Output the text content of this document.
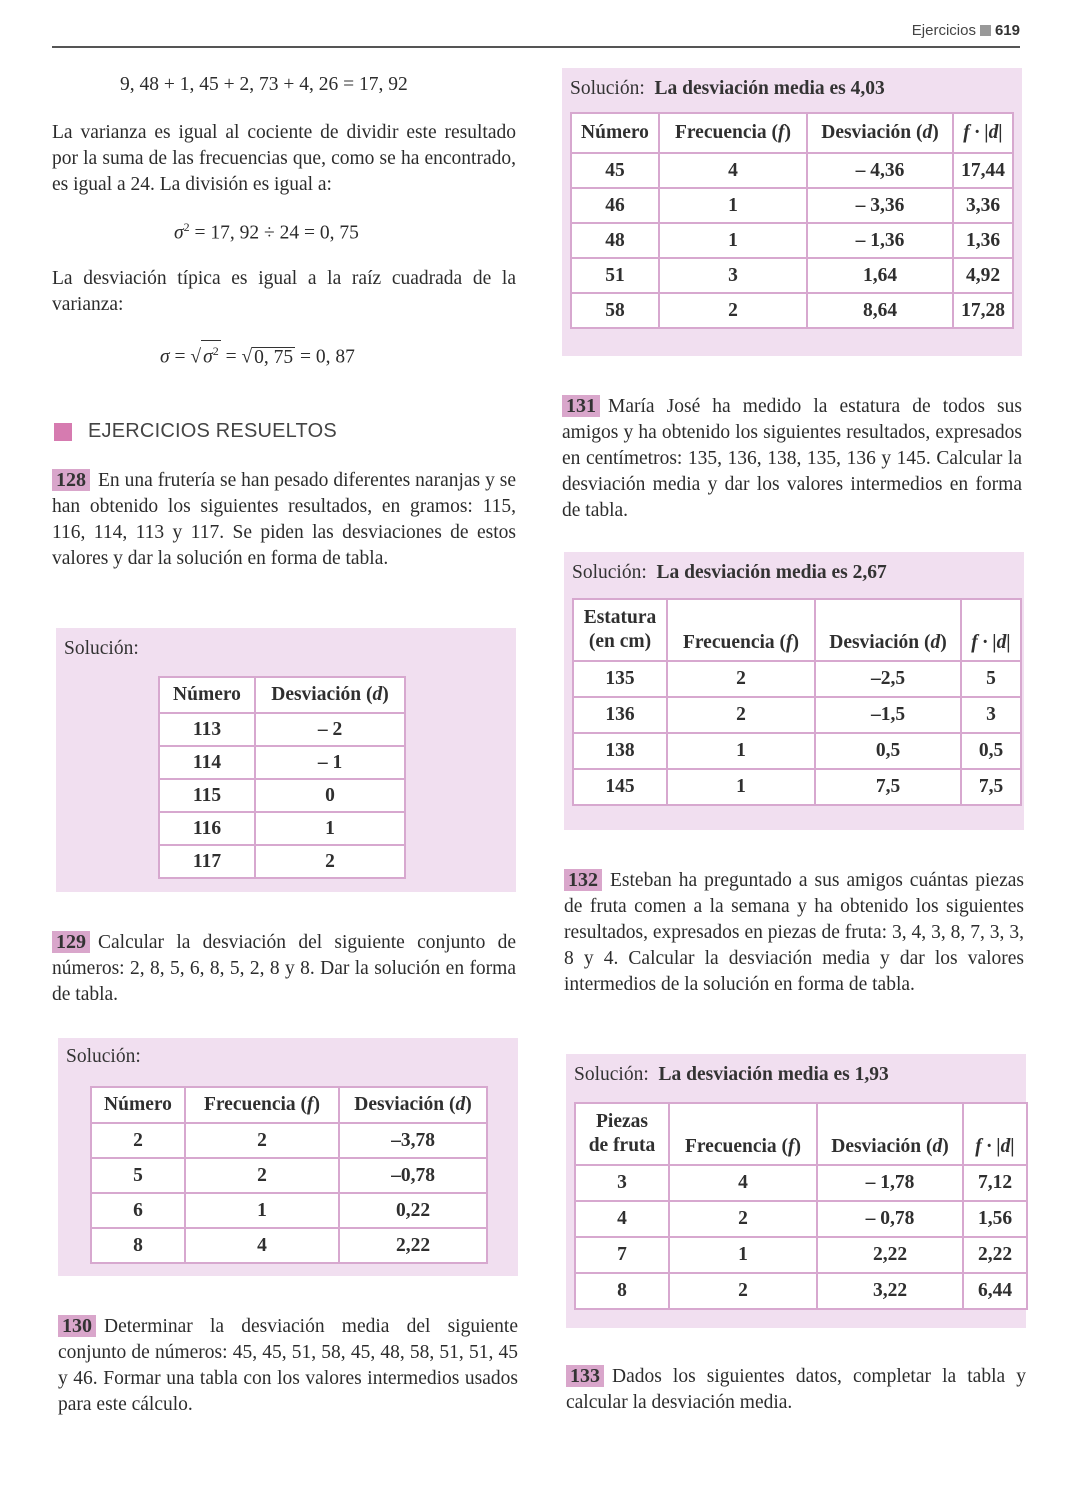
Ejercicios 619
9, 48 + 1, 45 + 2, 73 + 4, 26 = 17, 92
La varianza es igual al cociente de dividir este resultado por la suma de las frecuencias que, como se ha encontrado, es igual a 24. La división es igual a:
$\sigma^2 = 17$, 92 ÷ 24 = 0, 75
La desviación típica es igual a la raíz cuadrada de la varianza:
σ = √ $\sigma^2$ = √ 0, 75 = 0, 87
EJERCICIOS RESUELTOS
128 En una frutería se han pesado diferentes naranjas y se han obtenido los siguientes resultados, en gramos: 115, 116, 114, 113 y 117. Se piden las desviaciones de estos valores y dar la solución en forma de tabla.
Solución:
Número	Desviación (d)
113	– 2
114	– 1
115	0
116	1
117	2
129 Calcular la desviación del siguiente conjunto de números: 2, 8, 5, 6, 8, 5, 2, 8 y 8. Dar la solución en forma de tabla.
Solución:
Número	Frecuencia (f)	Desviación (d)
2	2	–3,78
5	2	–0,78
6	1	0,22
8	4	2,22
130 Determinar la desviación media del siguiente conjunto de números: 45, 45, 51, 58, 45, 48, 58, 51, 51, 45 y 46. Formar una tabla con los valores intermedios usados para este cálculo.
Solución: La desviación media es 4,03
Número	Frecuencia (f)	Desviación (d)	f · |d|
45	4	– 4,36	17,44
46	1	– 3,36	3,36
48	1	– 1,36	1,36
51	3	1,64	4,92
58	2	8,64	17,28
131 María José ha medido la estatura de todos sus amigos y ha obtenido los siguientes resultados, expresados en centímetros: 135, 136, 138, 135, 136 y 145. Calcular la desviación media y dar los valores intermedios en forma de tabla.
Solución: La desviación media es 2,67
Estatura
(en cm)	Frecuencia (f)	Desviación (d)	f · |d|
135	2	–2,5	5
136	2	–1,5	3
138	1	0,5	0,5
145	1	7,5	7,5
132 Esteban ha preguntado a sus amigos cuántas piezas de fruta comen a la semana y ha obtenido los siguientes resultados, expresados en piezas de fruta: 3, 4, 3, 8, 7, 3, 3, 8 y 4. Calcular la desviación media y dar los valores intermedios de la solución en forma de tabla.
Solución: La desviación media es 1,93
Piezas
de fruta	Frecuencia (f)	Desviación (d)	f · |d|
3	4	– 1,78	7,12
4	2	– 0,78	1,56
7	1	2,22	2,22
8	2	3,22	6,44
133 Dados los siguientes datos, completar la tabla y calcular la desviación media.
